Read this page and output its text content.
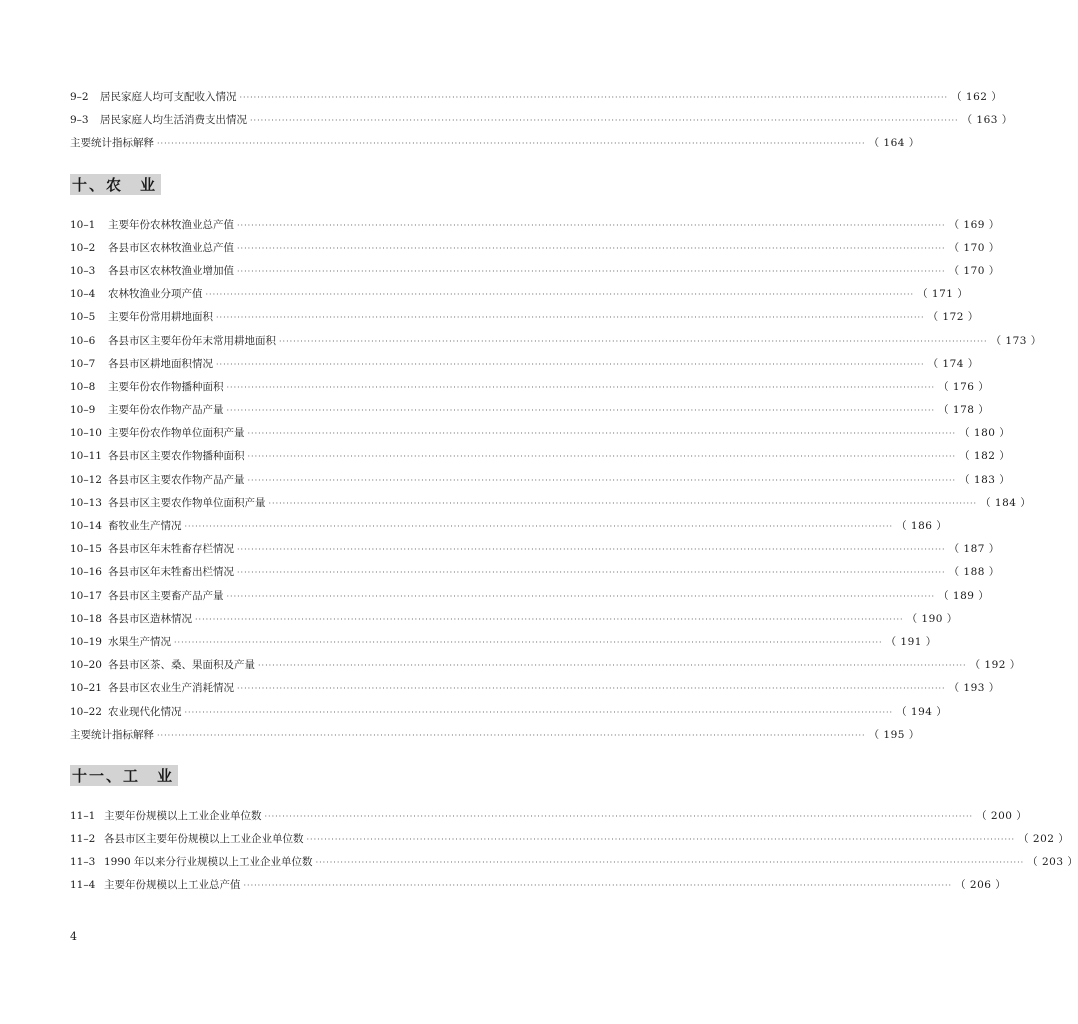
9–2	居民家庭人均可支配收入情况 ········································································································································································································ （ 162 ）
9–3	居民家庭人均生活消费支出情况 ········································································································································································································ （ 163 ）
主要统计指标解释 ········································································································································································································ （ 164 ）
十、农　业
10–1	主要年份农林牧渔业总产值 ········································································································································································································ （ 169 ）
10–2	各县市区农林牧渔业总产值 ········································································································································································································ （ 170 ）
10–3	各县市区农林牧渔业增加值 ········································································································································································································ （ 170 ）
10–4	农林牧渔业分项产值 ········································································································································································································ （ 171 ）
10–5	主要年份常用耕地面积 ········································································································································································································ （ 172 ）
10–6	各县市区主要年份年末常用耕地面积 ········································································································································································································ （ 173 ）
10–7	各县市区耕地面积情况 ········································································································································································································ （ 174 ）
10–8	主要年份农作物播种面积 ········································································································································································································ （ 176 ）
10–9	主要年份农作物产品产量 ········································································································································································································ （ 178 ）
10–10 主要年份农作物单位面积产量 ········································································································································································································ （ 180 ）
10–11 各县市区主要农作物播种面积 ········································································································································································································ （ 182 ）
10–12 各县市区主要农作物产品产量 ········································································································································································································ （ 183 ）
10–13 各县市区主要农作物单位面积产量 ········································································································································································································ （ 184 ）
10–14 畜牧业生产情况 ········································································································································································································ （ 186 ）
10–15 各县市区年末牲畜存栏情况 ········································································································································································································ （ 187 ）
10–16 各县市区年末牲畜出栏情况 ········································································································································································································ （ 188 ）
10–17 各县市区主要畜产品产量 ········································································································································································································ （ 189 ）
10–18 各县市区造林情况 ········································································································································································································ （ 190 ）
10–19 水果生产情况 ········································································································································································································ （ 191 ）
10–20 各县市区茶、桑、果面积及产量 ········································································································································································································ （ 192 ）
10–21 各县市区农业生产消耗情况 ········································································································································································································ （ 193 ）
10–22 农业现代化情况 ········································································································································································································ （ 194 ）
主要统计指标解释 ········································································································································································································ （ 195 ）
十一、工　业
11–1 主要年份规模以上工业企业单位数 ········································································································································································································ （ 200 ）
11–2 各县市区主要年份规模以上工业企业单位数 ········································································································································································································ （ 202 ）
11–3 1990 年以来分行业规模以上工业企业单位数 ········································································································································································································ （ 203 ）
11–4 主要年份规模以上工业总产值 ········································································································································································································ （ 206 ）
4
